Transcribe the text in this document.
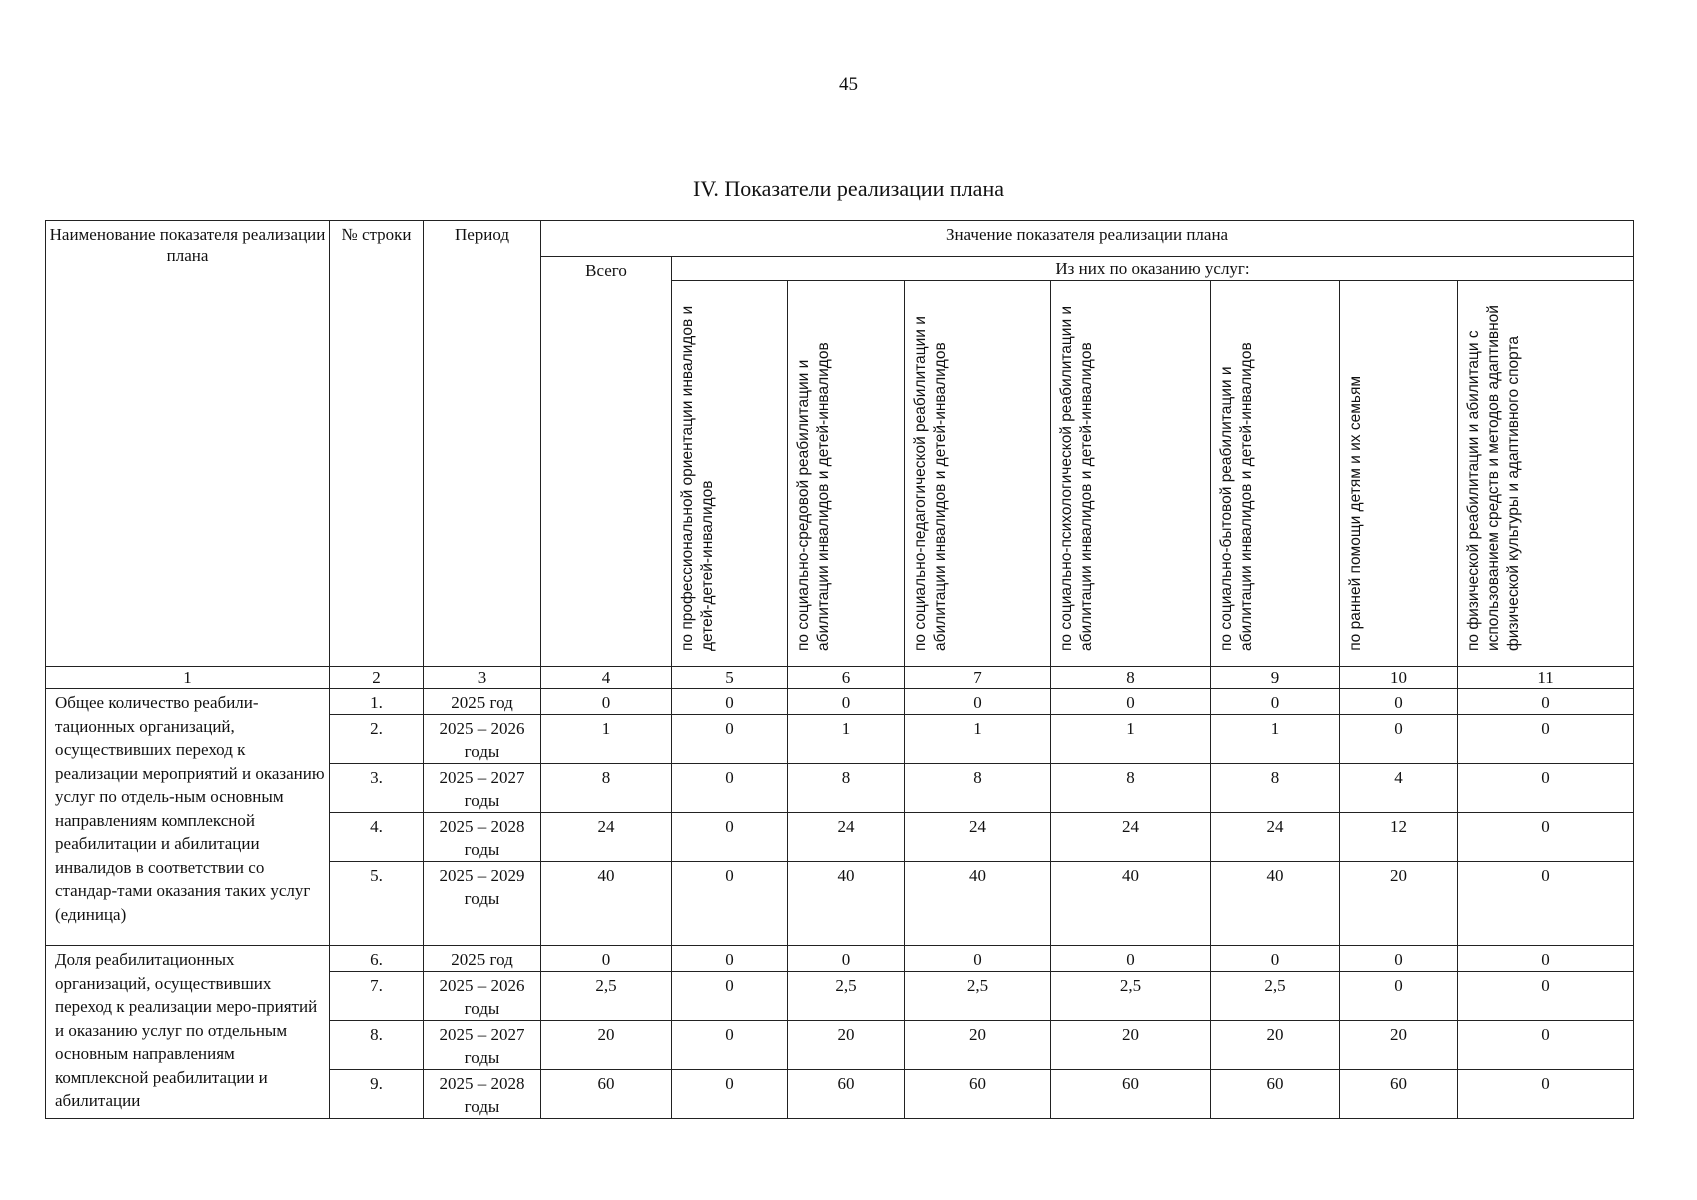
45
IV. Показатели реализации плана
Наименование показателя реализации плана	№ строки	Период	Значение показателя реализации плана							
			Всего	Из них по оказанию услуг:						
				по профессиональной ориентации инвалидов и детей-детей-инвалидов	по социально-средовой реабилитации и абилитации инвалидов и детей-инвалидов	по социально-педагогической реабилитации и абилитации инвалидов и детей-инвалидов	по социально-психологической реабилитации и абилитации инвалидов и детей-инвалидов	по социально-бытовой реабилитации и абилитации инвалидов и детей-инвалидов	по ранней помощи детям и их семьям	по физической реабилитации и абилитаци с использованием средств и методов адаптивной физической культуры и адаптивного спорта
1	2	3	4	5	6	7	8	9	10	11
Общее количество реабили-тационных организаций, осуществивших переход к реализации мероприятий и оказанию услуг по отдель-ным основным направлениям комплексной реабилитации и абилитации инвалидов в соответствии со стандар-тами оказания таких услуг (единица)	1.	2025 год	0	0	0	0	0	0	0	0
	2.	2025 – 2026 годы	1	0	1	1	1	1	0	0
	3.	2025 – 2027 годы	8	0	8	8	8	8	4	0
	4.	2025 – 2028 годы	24	0	24	24	24	24	12	0
	5.	2025 – 2029 годы	40	0	40	40	40	40	20	0
Доля реабилитационных организаций, осуществивших переход к реализации меро-приятий и оказанию услуг по отдельным основным направлениям комплексной реабилитации и абилитации	6.	2025 год	0	0	0	0	0	0	0	0
	7.	2025 – 2026 годы	2,5	0	2,5	2,5	2,5	2,5	0	0
	8.	2025 – 2027 годы	20	0	20	20	20	20	20	0
	9.	2025 – 2028 годы	60	0	60	60	60	60	60	0
